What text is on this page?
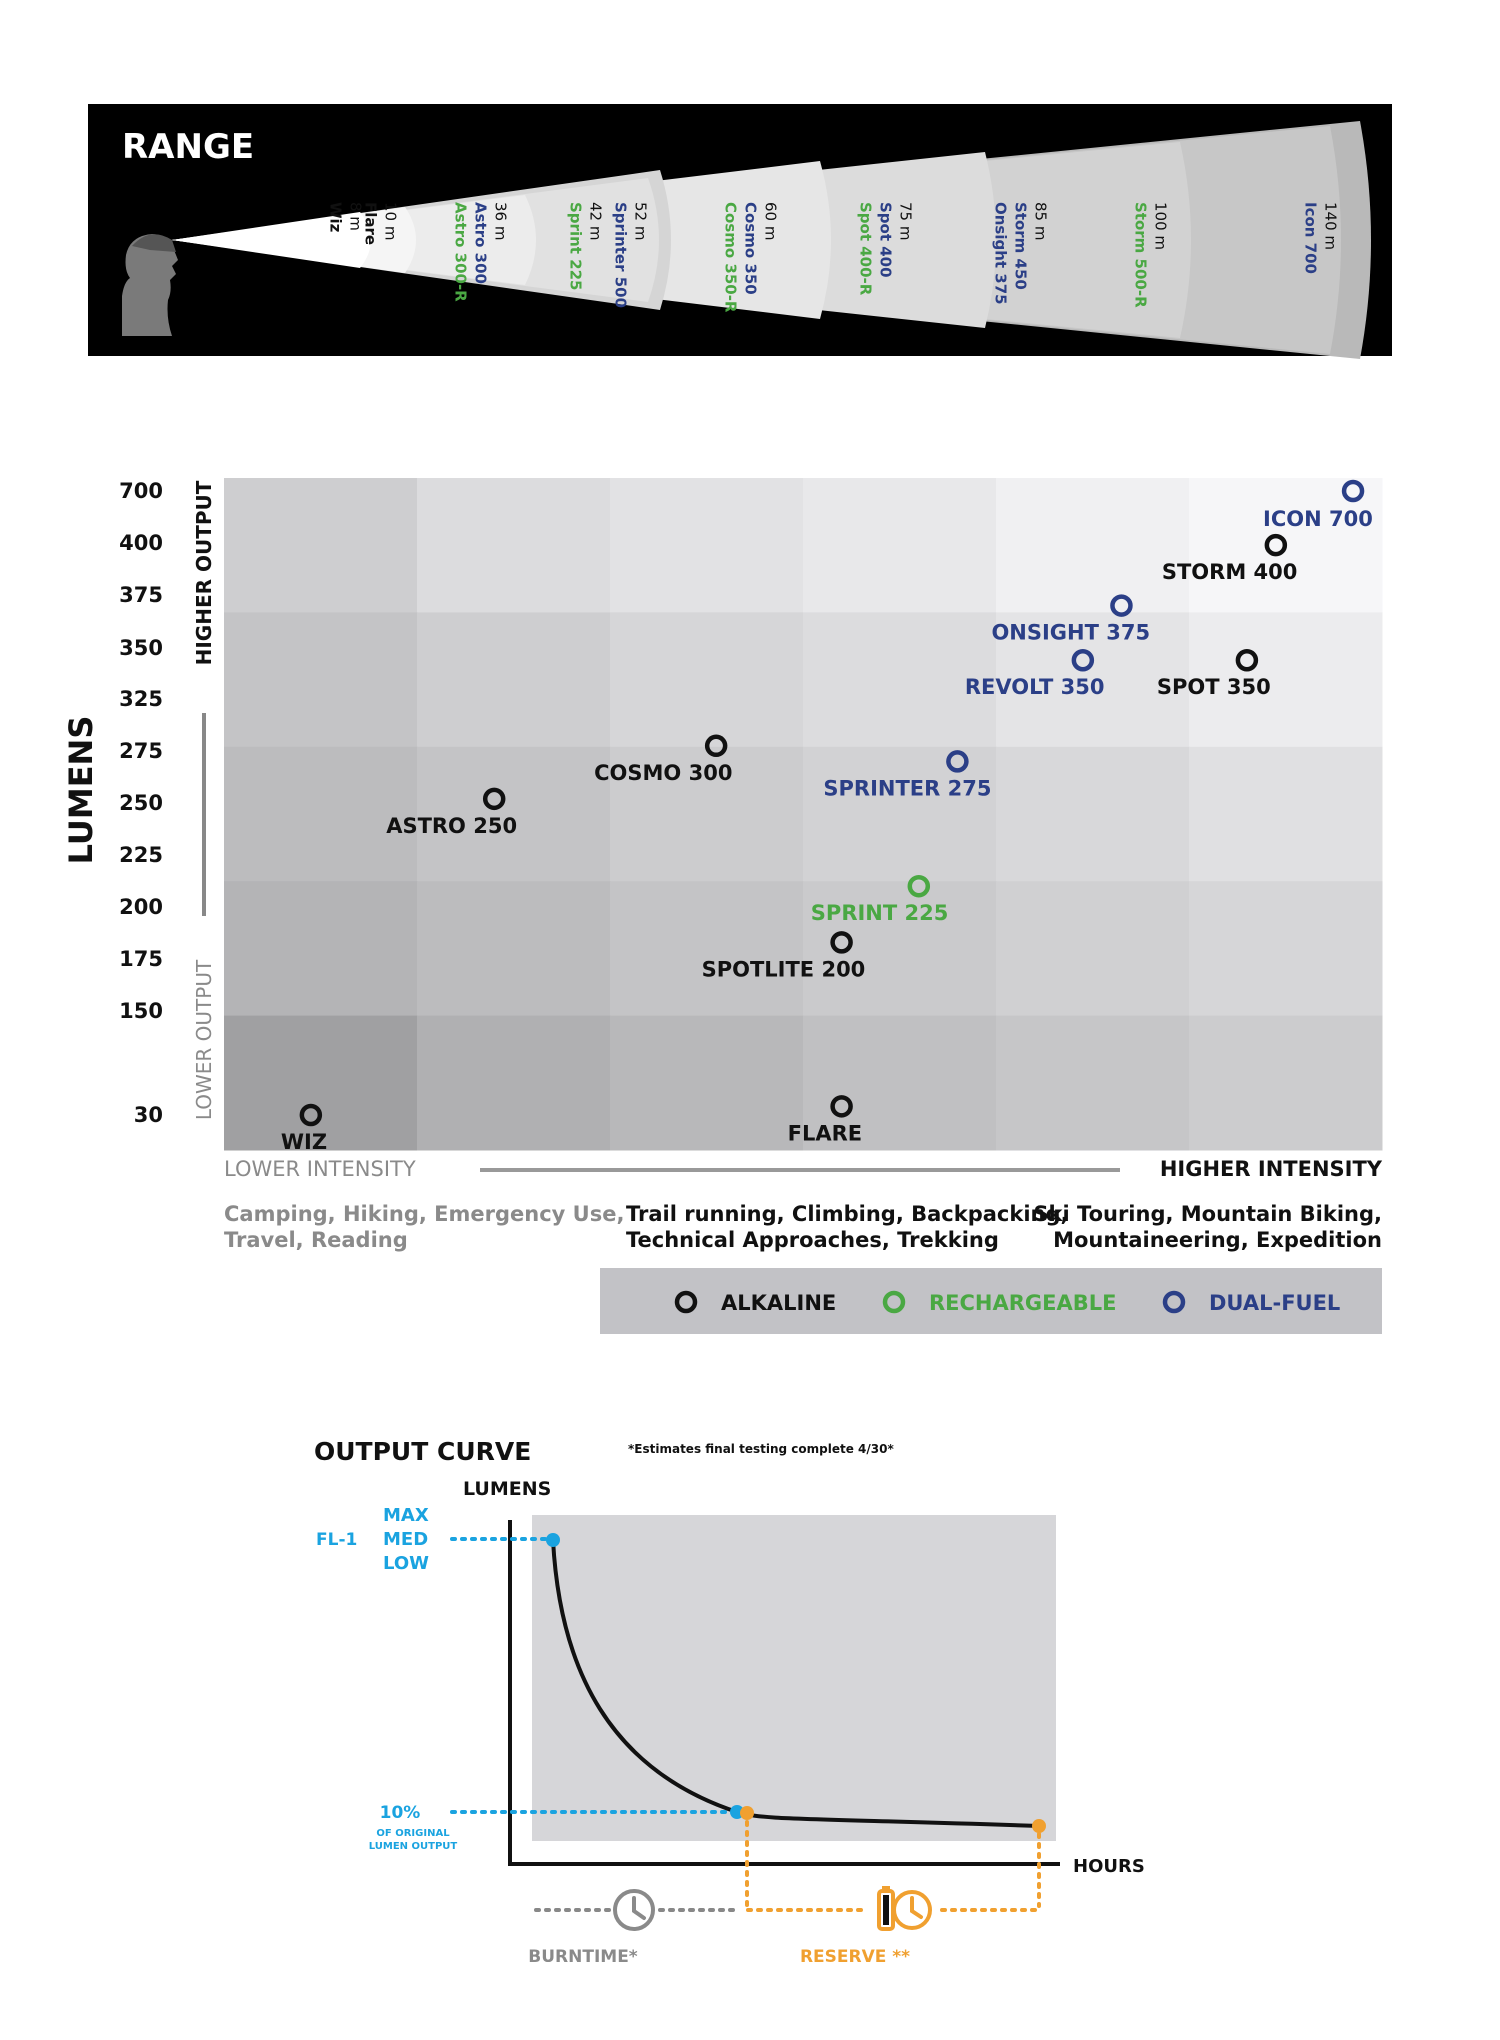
RANGE
Wiz 8 m
Flare 10 m	Astro 300-R Astro 300 36 m	Sprint 225 42 m Sprinter 500 52 m	Cosmo 350-R Cosmo 350 60 m	Spot 400-R Spot 400 75 m	Onsight 375 Storm 450 85 m	Storm 500-R 100 m	Icon 700 140 m
700
400
375
350
325
275
250
225
200
175
150
30
LUMENS
HIGHER OUTPUT
LOWER OUTPUT
WIZ	FLARE
SPOTLITE 200
SPRINT 225
ASTRO 250
SPRINTER 275
COSMO 300
REVOLT 350 SPOT 350
ONSIGHT 375
STORM 400
ICON 700
LOWER INTENSITY	HIGHER INTENSITY
Camping, Hiking, Emergency Use,
Travel, Reading
Trail running, Climbing, Backpacking,
Technical Approaches, Trekking
Ski Touring, Mountain Biking,
Mountaineering, Expedition
ALKALINE	RECHARGEABLE	DUAL-FUEL
OUTPUT CURVE	*Estimates final testing complete 4/30*
LUMENS
HOURS
MAX
MED
LOW
FL-1
10%
OF ORIGINAL
LUMEN OUTPUT
BURNTIME*	RESERVE **
